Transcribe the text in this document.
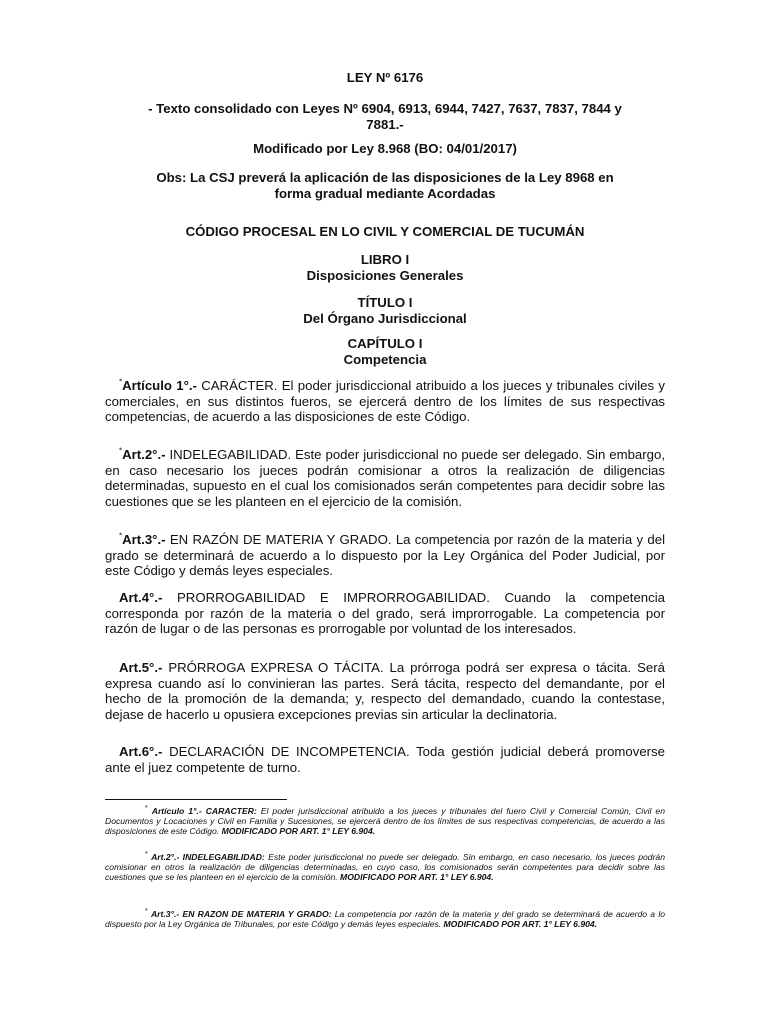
LEY Nº 6176
- Texto consolidado con Leyes Nº 6904, 6913, 6944, 7427, 7637, 7837, 7844 y
7881.-
Modificado por Ley 8.968 (BO: 04/01/2017)
Obs: La CSJ preverá la aplicación de las disposiciones de la Ley 8968 en
forma gradual mediante Acordadas
CÓDIGO PROCESAL EN LO CIVIL Y COMERCIAL DE TUCUMÁN
LIBRO I
Disposiciones Generales
TÍTULO I
Del Órgano Jurisdiccional
CAPÍTULO I
Competencia

*Artículo 1°.- CARÁCTER. El poder jurisdiccional atribuido a los jueces y tribunales civiles y comerciales, en sus distintos fueros, se ejercerá dentro de los límites de sus respectivas competencias, de acuerdo a las disposiciones de este Código.

*Art.2°.- INDELEGABILIDAD. Este poder jurisdiccional no puede ser delegado. Sin embargo, en caso necesario los jueces podrán comisionar a otros la realización de diligencias determinadas, supuesto en el cual los comisionados serán competentes para decidir sobre las cuestiones que se les planteen en el ejercicio de la comisión.

*Art.3°.- EN RAZÓN DE MATERIA Y GRADO. La competencia por razón de la materia y del grado se determinará de acuerdo a lo dispuesto por la Ley Orgánica del Poder Judicial, por este Código y demás leyes especiales.

Art.4°.- PRORROGABILIDAD E IMPRORROGABILIDAD. Cuando la competencia corresponda por razón de la materia o del grado, será improrrogable. La competencia por razón de lugar o de las personas es prorrogable por voluntad de los interesados.

Art.5°.- PRÓRROGA EXPRESA O TÁCITA. La prórroga podrá ser expresa o tácita. Será expresa cuando así lo convinieran las partes. Será tácita, respecto del demandante, por el hecho de la promoción de la demanda; y, respecto del demandado, cuando la contestase, dejase de hacerlo u opusiera excepciones previas sin articular la declinatoria.

Art.6°.- DECLARACIÓN DE INCOMPETENCIA. Toda gestión judicial deberá promoverse ante el juez competente de turno.

* Artículo 1°.- CARACTER: El poder jurisdiccional atribuido a los jueces y tribunales del fuero Civil y Comercial Común, Civil en Documentos y Locaciones y Civil en Familia y Sucesiones, se ejercerá dentro de los límites de sus respectivas competencias, de acuerdo a las disposiciones de este Código. MODIFICADO POR ART. 1° LEY 6.904.

* Art.2°.- INDELEGABILIDAD: Este poder jurisdiccional no puede ser delegado. Sin embargo, en caso necesario, los jueces podrán comisionar en otros la realización de diligencias determinadas, en cuyo caso, los comisionados serán competentes para decidir sobre las cuestiones que se les planteen en el ejercicio de la comisión. MODIFICADO POR ART. 1° LEY 6.904.

* Art.3°.- EN RAZON DE MATERIA Y GRADO: La competencia por razón de la materia y del grado se determinará de acuerdo a lo dispuesto por la Ley Orgánica de Tribunales, por este Código y demás leyes especiales. MODIFICADO POR ART. 1° LEY 6.904.
